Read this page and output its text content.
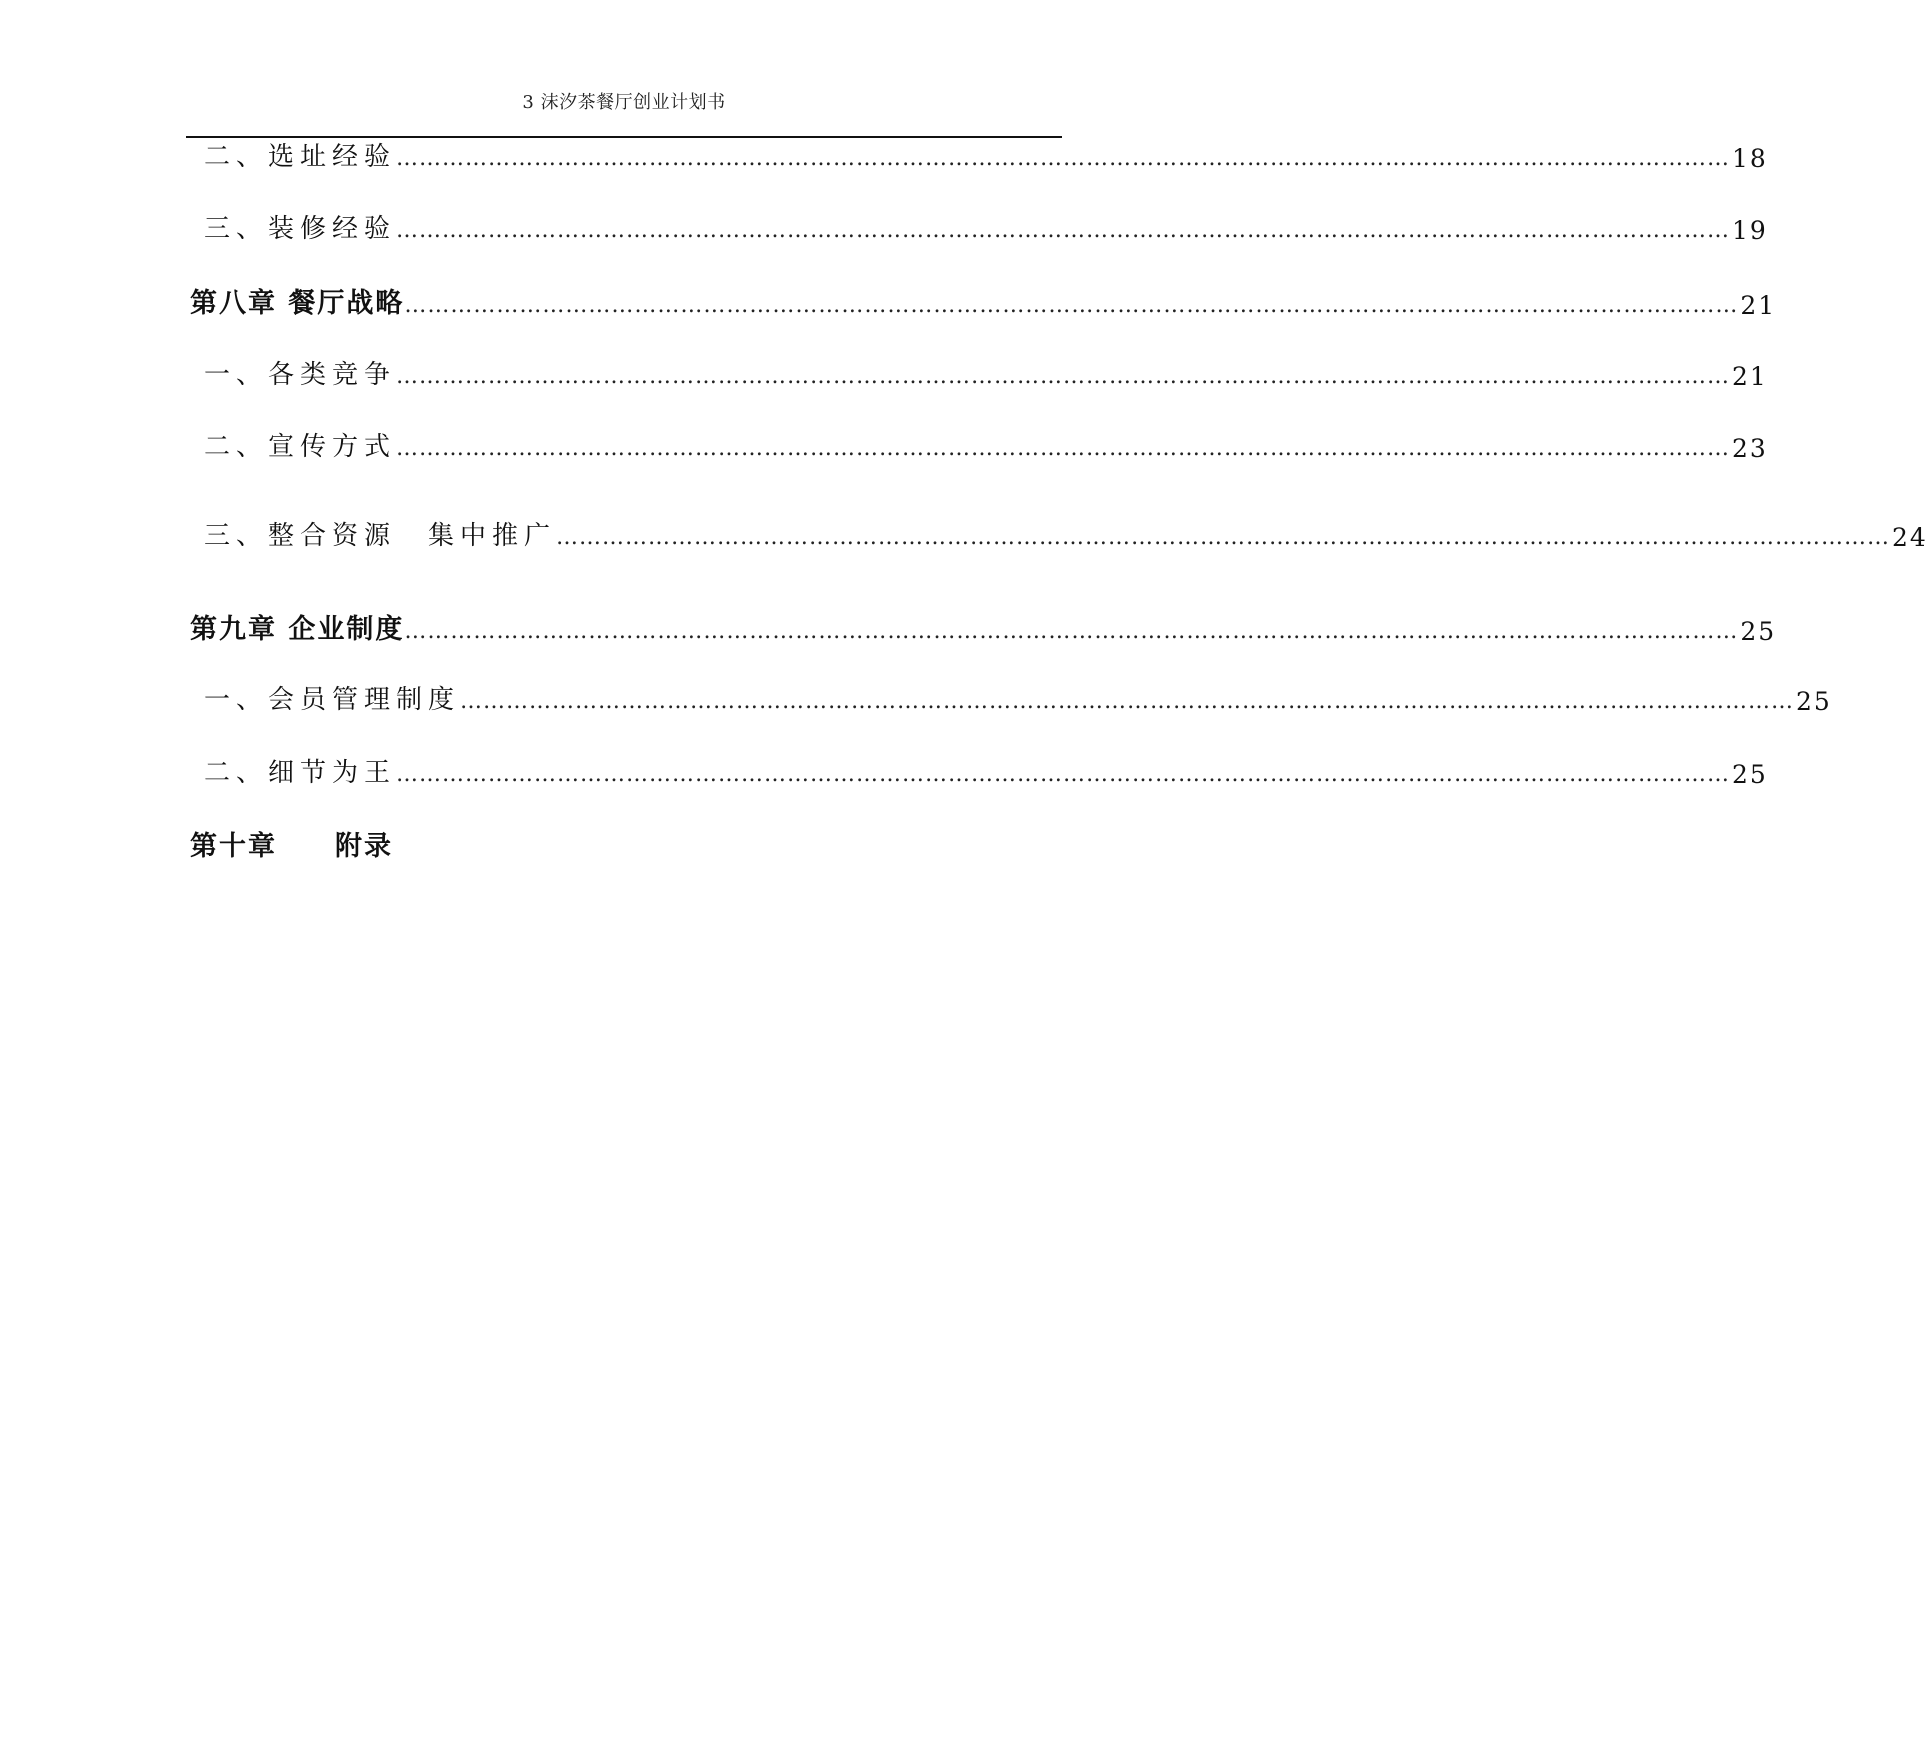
3 沫汐茶餐厅创业计划书
二、选址经验 ………………………………………………………………………………………………………………………………………………………… 18
三、装修经验 ………………………………………………………………………………………………………………………………………………………… 19
第八章 餐厅战略 ………………………………………………………………………………………………………………………………………………………… 21
一、各类竞争 ………………………………………………………………………………………………………………………………………………………… 21
二、宣传方式 ………………………………………………………………………………………………………………………………………………………… 23
三、整合资源　集中推广 ………………………………………………………………………………………………………………………………………………………… 24
第九章 企业制度 ………………………………………………………………………………………………………………………………………………………… 25
一、会员管理制度 ………………………………………………………………………………………………………………………………………………………… 25
二、细节为王 ………………………………………………………………………………………………………………………………………………………… 25
第十章　　附录
